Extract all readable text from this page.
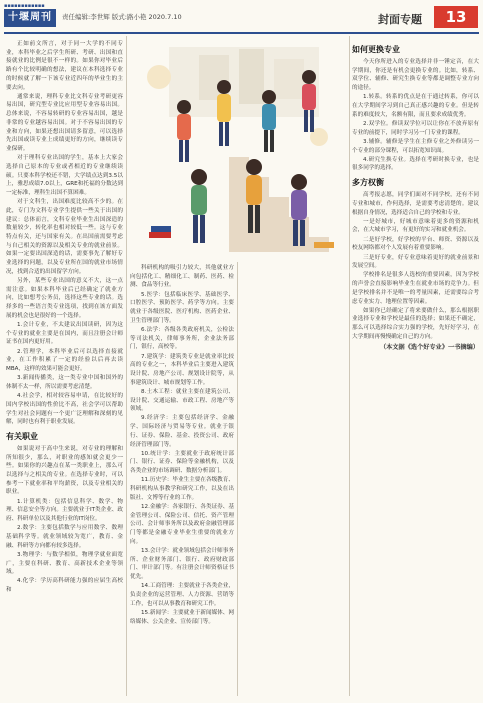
▪▪▪▪▪▪▪▪▪▪▪▪
十堰周刊	责任编辑:李世辉 版式:路小艳 2020.7.10	封面专题	13

正如前文所言，对于同一大学的不同专业，本科毕业之后学生所研、考研、出国和直接就业的比例是很不一样的。如果你对毕业后路有个比较明确的想法，建议在本科选择专业的时候就了解一下该专业近四年的毕业生的主要去向。

通常来说，理科专业比文科专业考研更容易出国，研究型专业比应用型专业容易出国。总体来说，不容易转研的专业容易出国，越是非常的专业越容易出国。对于不容易出国的专业和方向，如果还想出国请多留意，可以选择先出国或读专业上成绩更好的方向，继续读专业保研。

对于理科专业出国的学生，基本上大家会选择自己原本的专业或者相近的专业继续读硕。只要本科学校还不错，大学绩点达到3.5以上，雅思成绩7.0以上，GRE和托福的分数达到一定标准，理科生出国不算困难。

对于文科生，出国难度比较高不少的。在此，专门为文科专业学生提供一些关于出国的建议：总体而言，文科专业毕业生出国深造的数量较少，转化率也相对较低一些。这与专业特点有关，还与国家有关。在出国前需要考虑与自己相关的资源以及相关专业的就业前景。如果一定要出国深造的话，需要事先了解好专业选择的问题，以及专业所在国的就业市场情况，找到合适的出国留学方向。

另外，某些专业出国的意义不大，这一点需注意。如果本科毕业后已经确定了就业方向，比如想考公务员，选择这些专业的话。选择多的一些语言类专业选项，找到在该方面发展的机会也是很好的一个选择。

1.会计专业，不太建议出国读研，因为这个专业的就业主要是在国内，而且注册会计师证书在国内更好用。

2.管理学，本科毕业后可以选择直接就业，在工作积累了一定的经验以后再去读MBA，这样的效果可能会更好。

3.新闻传播类，这一类专业中国和国外的体制不太一样，所以需要考虑清楚。

4.社会学，相对较容易申请，在比较好的国内学校出国的性价比不高，社会学可以帮助学生对社会问题有一个更广泛理解和深刻的见解，同时也有利于职业发展。

有关职业

如果说对于高中生来说，对专业的理解和所知很少，那么，对职业的感知就会更少一些。如果你的兴趣点在某一类职业上，那么可以选择与之相关的专业。在选择专业时，可以参考一下就业率和平均薪资，以及专业相关的职业。

1.计算机类：包括信息科学、数学、物理、信息安全等方向。主要就业于IT类企业、政府、科研单位以及其他行业的IT岗位。

2.数学：主要包括数学与应用数学、数理基础科学等。就业领域较为宽广，教育、金融、科研等方向都有较多选择。

3.物理学：与数学相似，物理学就业面宽广，主要在科研、教育、高新技术企业等领域。

4.化学：学历高科研能力强的应届生高校和

科研机构的吸引力较大，其他就业方向包括化工、精细化工、制药、医药、检测、食品等行业。

5.医学：包括临床医学、基础医学、口腔医学、预防医学、药学等方向。主要就业于各级医院、医疗机构、医药企业、卫生管理部门等。

6.法学：各级各类政府机关，公检法等司法机关，律师事务所，企业法务部门，银行，高校等。

7.建筑学：建筑类专业是就业率比较高的专业之一，本科毕业后主要进入建筑设计院、房地产公司、规划设计院等，从事建筑设计、城市规划等工作。

8.土木工程：就业主要在建筑公司、设计院、交通运输、市政工程、房地产等领域。

9.经济学：主要包括经济学、金融学、国际经济与贸易等专业。就业于银行、证券、保险、基金、投资公司、政府经济管理部门等。

10.统计学：主要就业于政府统计部门、银行、证券、保险等金融机构，以及各类企业的市场调研、数据分析部门。

11.历史学：毕业生主要在各级教育、科研机构从事教学和研究工作，以及在出版社、文博等行业的工作。

12.金融学：各家银行、各类证券、基金管理公司、保险公司、信托、资产管理公司、会计师事务所以及政府金融管理部门等都是金融专业毕业生重要的就业方向。

13.会计学：就业领域包括会计师事务所、企业财务部门、银行、政府财政部门、审计部门等。有注册会计师资格证书优先。

14.工商管理：主要就业于各类企业，负责企业的运营管理、人力资源、营销等工作，也可以从事教育和研究工作。

15.新闻学：主要就业于新闻媒体、网络媒体、公关企业、宣传部门等。

如何更换专业

今天你所进入的专业选择并非一锤定音，在大学期间，你还是有机会更换专业的。比如，转系、双学位、辅修、研究生换专业等都是调整专业方向的途径。

1.转系。转系的优点是在于通过转系，你可以在大学期间学习到自己真正感兴趣的专业。但是转系的难度较大，名额有限，而且要求成绩优秀。

2.双学位。修读双学位可以让你在不放弃原有专业的前提下，同时学习另一门专业的课程。

3.辅修。辅修是学生在主修专业之外修读另一个专业的部分课程，可以拓宽知识面。

4.研究生换专业。选择在考研时换专业，也是很多同学的选择。

多方权衡

高考报志愿，同学们面对不同学校，还有不同专业和城市，作何选择，是需要考虑清楚的。建议根据自身情况，选择适合自己的学校和专业。

一是好城市，好城市意味着更多的资源和机会，在大城市学习，有更好的实习和就业机会。

二是好学校，好学校的平台、师资、资源以及校友网络都对个人发展有着重要影响。

三是好专业，好专业意味着更好的就业前景和发展空间。

学校排名是很多人选校的重要因素，因为学校的声誉会直接影响毕业生在就业市场的竞争力。但是学校排名并不是唯一的考量因素，还需要综合考虑专业实力、地理位置等因素。

如果你已经确定了将来要做什么，那么根据职业选择专业和学校是最佳的选择；如果还不确定，那么可以选择综合实力强的学校，先好好学习，在大学期间再慢慢确定自己的方向。

（本文据《选个好专业》一书摘编）
